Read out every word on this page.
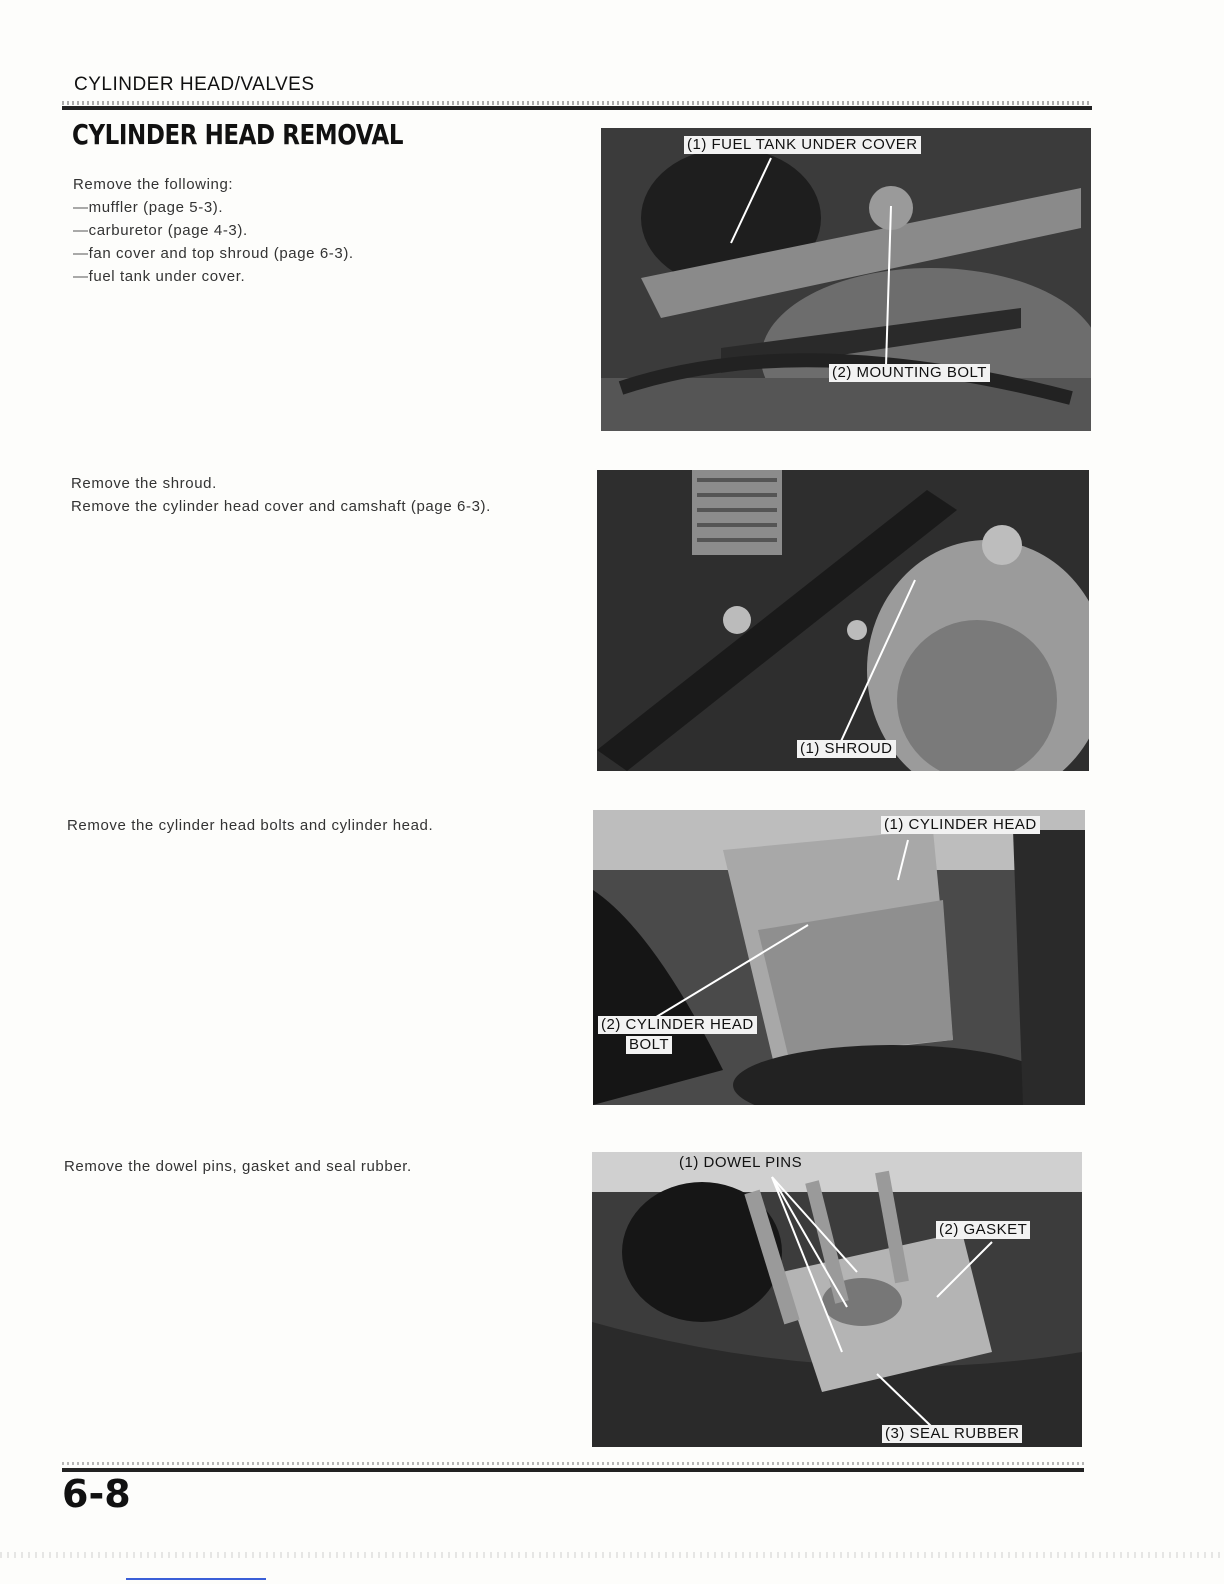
CYLINDER HEAD/VALVES
CYLINDER HEAD REMOVAL
Remove the following:
— muffler (page 5-3).
— carburetor (page 4-3).
— fan cover and top shroud (page 6-3).
— fuel tank under cover.
Remove the shroud.
Remove the cylinder head cover and camshaft (page 6-3).
Remove the cylinder head bolts and cylinder head.
Remove the dowel pins, gasket and seal rubber.
(1) FUEL TANK UNDER COVER
(2) MOUNTING BOLT
(1) SHROUD
(1) CYLINDER HEAD
(2) CYLINDER HEAD
BOLT
(1) DOWEL PINS
(2) GASKET
(3) SEAL RUBBER
6-8
